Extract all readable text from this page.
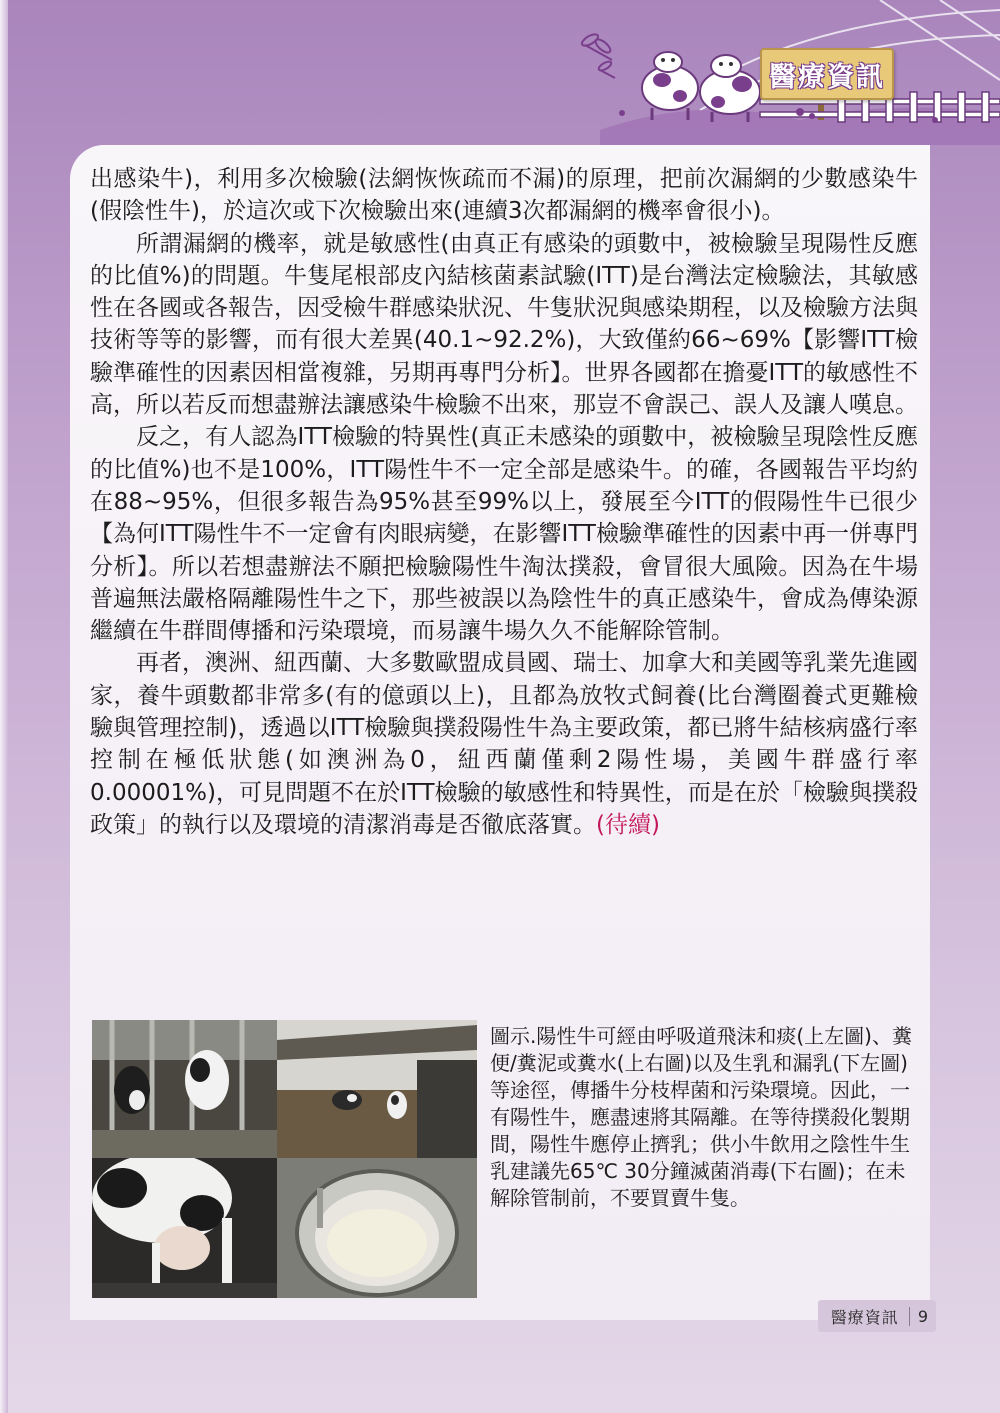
醫療資訊

出感染牛)，利用多次檢驗(法網恢恢疏而不漏)的原理，把前次漏網的少數感染牛(假陰性牛)，於這次或下次檢驗出來(連續3次都漏網的機率會很小)。

所謂漏網的機率，就是敏感性(由真正有感染的頭數中，被檢驗呈現陽性反應的比值%)的問題。牛隻尾根部皮內結核菌素試驗(ITT)是台灣法定檢驗法，其敏感性在各國或各報告，因受檢牛群感染狀況、牛隻狀況與感染期程，以及檢驗方法與技術等等的影響，而有很大差異(40.1~92.2%)，大致僅約66~69%【影響ITT檢驗準確性的因素因相當複雜，另期再專門分析】。世界各國都在擔憂ITT的敏感性不高，所以若反而想盡辦法讓感染牛檢驗不出來，那豈不會誤己、誤人及讓人嘆息。

反之，有人認為ITT檢驗的特異性(真正未感染的頭數中，被檢驗呈現陰性反應的比值%)也不是100%，ITT陽性牛不一定全部是感染牛。的確，各國報告平均約在88~95%，但很多報告為95%甚至99%以上，發展至今ITT的假陽性牛已很少【為何ITT陽性牛不一定會有肉眼病變，在影響ITT檢驗準確性的因素中再一併專門分析】。所以若想盡辦法不願把檢驗陽性牛淘汰撲殺，會冒很大風險。因為在牛場普遍無法嚴格隔離陽性牛之下，那些被誤以為陰性牛的真正感染牛，會成為傳染源繼續在牛群間傳播和污染環境，而易讓牛場久久不能解除管制。

再者，澳洲、紐西蘭、大多數歐盟成員國、瑞士、加拿大和美國等乳業先進國家，養牛頭數都非常多(有的億頭以上)，且都為放牧式飼養(比台灣圈養式更難檢驗與管理控制)，透過以ITT檢驗與撲殺陽性牛為主要政策，都已將牛結核病盛行率控制在極低狀態(如澳洲為0，紐西蘭僅剩2陽性場，美國牛群盛行率0.00001%)，可見問題不在於ITT檢驗的敏感性和特異性，而是在於「檢驗與撲殺政策」的執行以及環境的清潔消毒是否徹底落實。(待續)

圖示.陽性牛可經由呼吸道飛沫和痰(上左圖)、糞便/糞泥或糞水(上右圖)以及生乳和漏乳(下左圖)等途徑，傳播牛分枝桿菌和污染環境。因此，一有陽性牛，應盡速將其隔離。在等待撲殺化製期間，陽性牛應停止擠乳；供小牛飲用之陰性牛生乳建議先65℃ 30分鐘滅菌消毒(下右圖)；在未解除管制前，不要買賣牛隻。

醫療資訊	9
